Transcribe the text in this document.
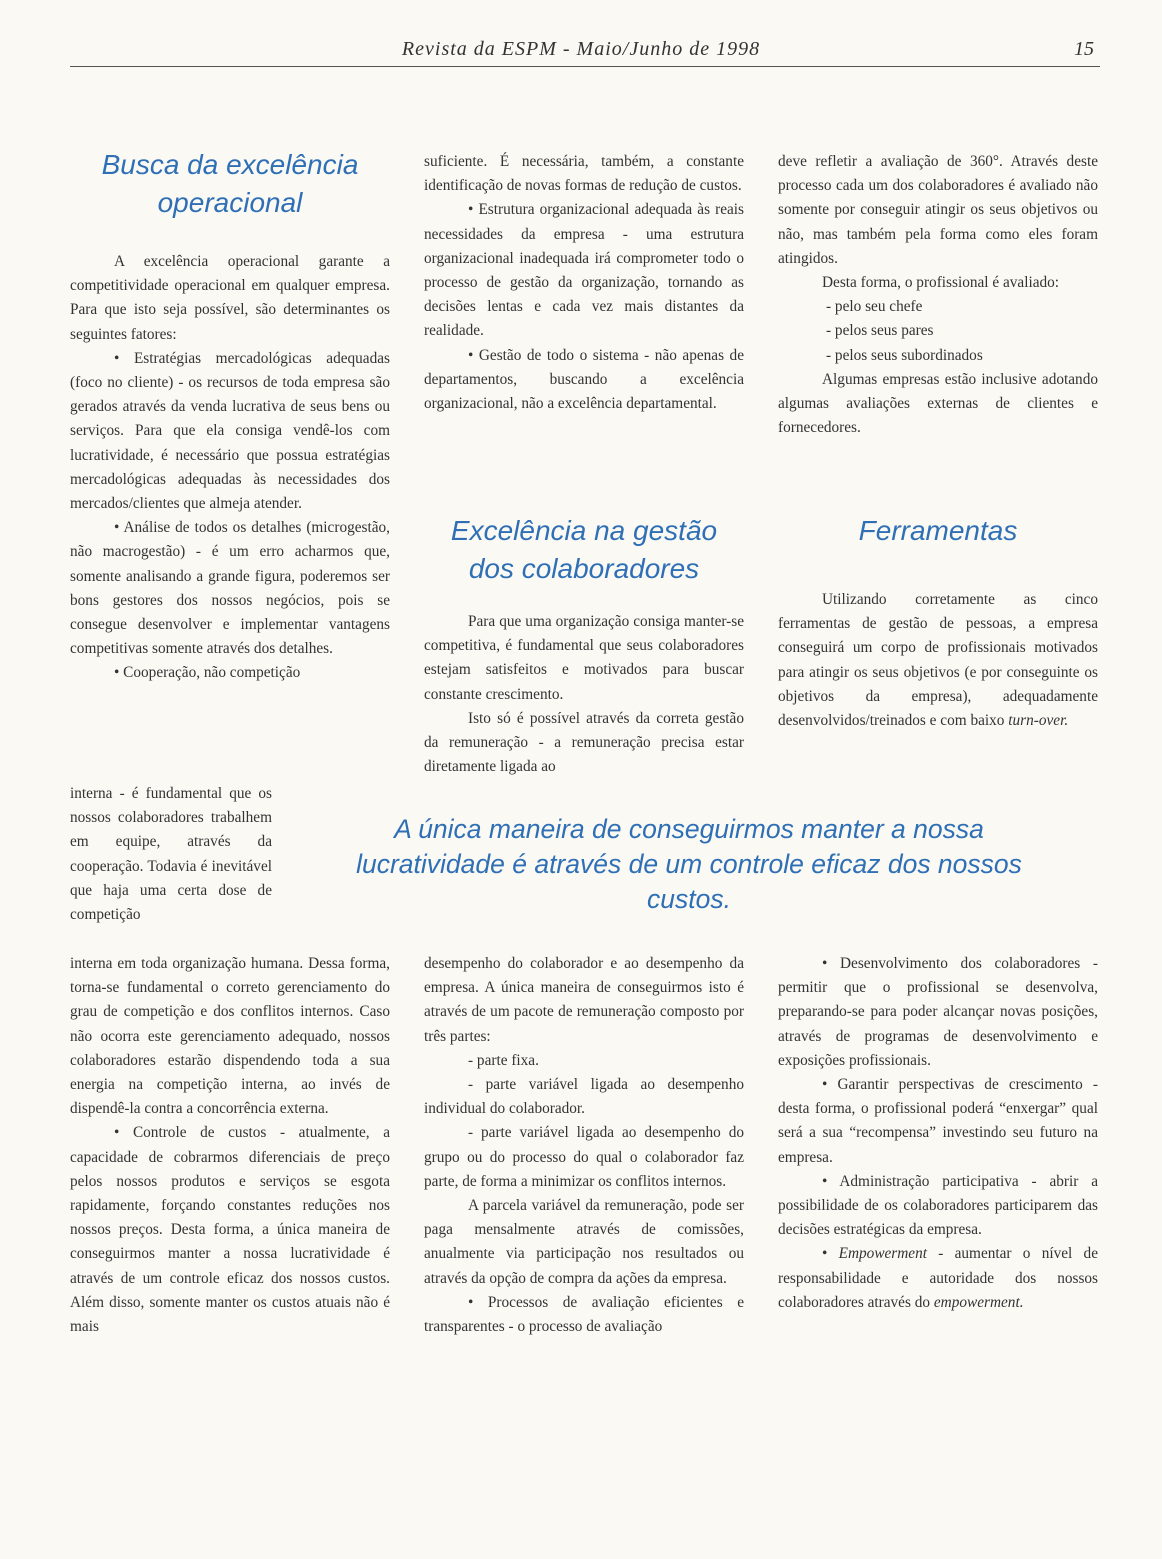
Revista da ESPM - Maio/Junho de 1998	15
Busca da excelência
operacional

A excelência operacional garante a competitividade operacional em qualquer empresa. Para que isto seja possível, são determinantes os seguintes fatores:

• Estratégias mercadológicas adequadas (foco no cliente) - os recursos de toda empresa são gerados através da venda lucrativa de seus bens ou serviços. Para que ela consiga vendê-los com lucratividade, é necessário que possua estratégias mercadológicas adequadas às necessidades dos mercados/clientes que almeja atender.

• Análise de todos os detalhes (microgestão, não macrogestão) - é um erro acharmos que, somente analisando a grande figura, poderemos ser bons gestores dos nossos negócios, pois se consegue desenvolver e implementar vantagens competitivas somente através dos detalhes.

• Cooperação, não competição

interna - é fundamental que os nossos colaboradores trabalhem em equipe, através da cooperação. Todavia é inevitável que haja uma certa dose de competição

interna em toda organização humana. Dessa forma, torna-se fundamental o correto gerenciamento do grau de competição e dos conflitos internos. Caso não ocorra este gerenciamento adequado, nossos colaboradores estarão dispendendo toda a sua energia na competição interna, ao invés de dispendê-la contra a concorrência externa.

• Controle de custos - atualmente, a capacidade de cobrarmos diferenciais de preço pelos nossos produtos e serviços se esgota rapidamente, forçando constantes reduções nos nossos preços. Desta forma, a única maneira de conseguirmos manter a nossa lucratividade é através de um controle eficaz dos nossos custos. Além disso, somente manter os custos atuais não é mais

suficiente. É necessária, também, a constante identificação de novas formas de redução de custos.

• Estrutura organizacional adequada às reais necessidades da empresa - uma estrutura organizacional inadequada irá comprometer todo o processo de gestão da organização, tornando as decisões lentas e cada vez mais distantes da realidade.

• Gestão de todo o sistema - não apenas de departamentos, buscando a excelência organizacional, não a excelência departamental.

Excelência na gestão
dos colaboradores

Para que uma organização consiga manter-se competitiva, é fundamental que seus colaboradores estejam satisfeitos e motivados para buscar constante crescimento.

Isto só é possível através da correta gestão da remuneração - a remuneração precisa estar diretamente ligada ao

deve refletir a avaliação de 360°. Através deste processo cada um dos colaboradores é avaliado não somente por conseguir atingir os seus objetivos ou não, mas também pela forma como eles foram atingidos.

Desta forma, o profissional é avaliado:

- pelo seu chefe

- pelos seus pares

- pelos seus subordinados

Algumas empresas estão inclusive adotando algumas avaliações externas de clientes e fornecedores.

Ferramentas

Utilizando corretamente as cinco ferramentas de gestão de pessoas, a empresa conseguirá um corpo de profissionais motivados para atingir os seus objetivos (e por conseguinte os objetivos da empresa), adequadamente desenvolvidos/treinados e com baixo turn-over.

A única maneira de conseguirmos manter a nossa
lucratividade é através de um controle eficaz dos nossos
custos.

desempenho do colaborador e ao desempenho da empresa. A única maneira de conseguirmos isto é através de um pacote de remuneração composto por três partes:

- parte fixa.

- parte variável ligada ao desempenho individual do colaborador.

- parte variável ligada ao desempenho do grupo ou do processo do qual o colaborador faz parte, de forma a minimizar os conflitos internos.

A parcela variável da remuneração, pode ser paga mensalmente através de comissões, anualmente via participação nos resultados ou através da opção de compra da ações da empresa.

• Processos de avaliação eficientes e transparentes - o processo de avaliação

• Desenvolvimento dos colaboradores - permitir que o profissional se desenvolva, preparando-se para poder alcançar novas posições, através de programas de desenvolvimento e exposições profissionais.

• Garantir perspectivas de crescimento - desta forma, o profissional poderá “enxergar” qual será a sua “recompensa” investindo seu futuro na empresa.

• Administração participativa - abrir a possibilidade de os colaboradores participarem das decisões estratégicas da empresa.

• Empowerment - aumentar o nível de responsabilidade e autoridade dos nossos colaboradores através do empowerment.
